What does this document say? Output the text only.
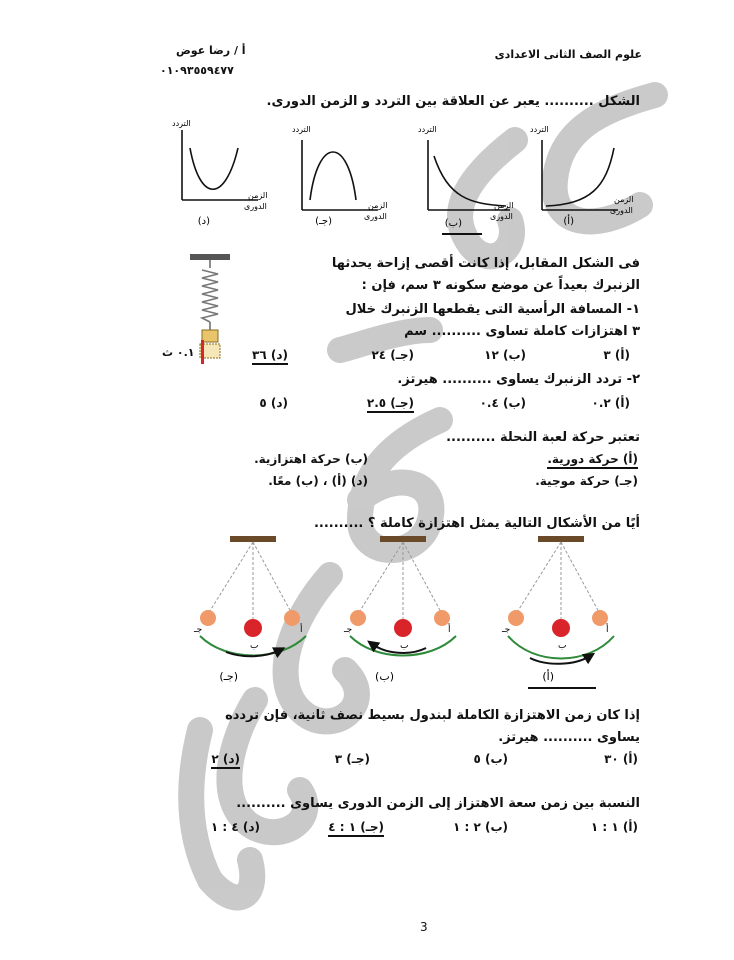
علوم الصف الثانى الاعدادى
أ / رضا عوض
٠١٠٩٣٥٥٩٤٧٧
الشكل .......... يعبر عن العلاقة بين التردد و الزمن الدورى.
التردد
التردد	التردد	التردد
الزمن
الدورى	الزمن
الدورى
الزمن
الدورى
الزمن
الدورى
(د)	(جـ)	(ب)	(أ)
٠.١ ث
فى الشكل المقابل، إذا كانت أقصى إزاحة يحدثها
الزنبرك بعيداً عن موضع سكونه ٣ سم، فإن :
١- المسافة الرأسية التى يقطعها الزنبرك خلال
٣ اهتزازات كاملة تساوى .......... سم
(أ) ٣
(ب) ١٢
(جـ) ٢٤
(د) ٣٦
٢- تردد الزنبرك يساوى .......... هيرتز.
(أ) ٠.٢
(ب) ٠.٤
(جـ) ٢.٥
(د) ٥
تعتبر حركة لعبة النحلة ..........
(أ) حركة دورية.
(ب) حركة اهتزازية.
(جـ) حركة موجية.
(د) (أ) ، (ب) معًا.
أيًا من الأشكال التالية يمثل اهتزازة كاملة ؟ ..........
جـ
ب
أ	جـ
ب
أ	جـ
ب
أ
(جـ)	(ب)	(أ)
إذا كان زمن الاهتزازة الكاملة لبندول بسيط نصف ثانية، فإن تردده
يساوى .......... هيرتز.
(أ) ٣٠
(ب) ٥
(جـ) ٣
(د) ٢
النسبة بين زمن سعة الاهتزاز إلى الزمن الدورى يساوى ..........
(أ) ١ : ١
(ب) ٢ : ١
(جـ) ١ : ٤
(د) ٤ : ١
3
